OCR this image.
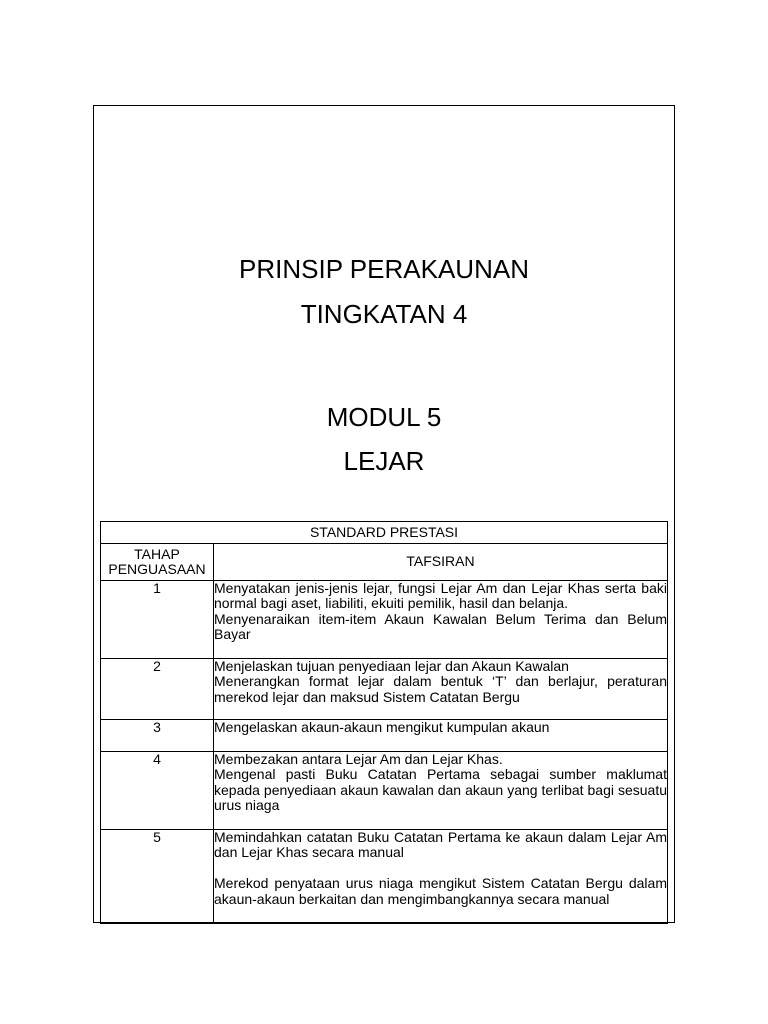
PRINSIP PERAKAUNAN
TINGKATAN 4
MODUL 5
LEJAR
STANDARD PRESTASI	
TAHAP PENGUASAAN	TAFSIRAN
1	Menyatakan jenis-jenis lejar, fungsi Lejar Am dan Lejar Khas serta baki normal bagi aset, liabiliti, ekuiti pemilik, hasil dan belanja.

Menyenaraikan item-item Akaun Kawalan Belum Terima dan Belum Bayar

2	Menjelaskan tujuan penyediaan lejar dan Akaun Kawalan

Menerangkan format lejar dalam bentuk ‘T’ dan berlajur, peraturan merekod lejar dan maksud Sistem Catatan Bergu

3	Mengelaskan akaun-akaun mengikut kumpulan akaun

4	Membezakan antara Lejar Am dan Lejar Khas.

Mengenal pasti Buku Catatan Pertama sebagai sumber maklumat kepada penyediaan akaun kawalan dan akaun yang terlibat bagi sesuatu urus niaga

5	Memindahkan catatan Buku Catatan Pertama ke akaun dalam Lejar Am dan Lejar Khas secara manual

Merekod penyataan urus niaga mengikut Sistem Catatan Bergu dalam akaun-akaun berkaitan dan mengimbangkannya secara manual
